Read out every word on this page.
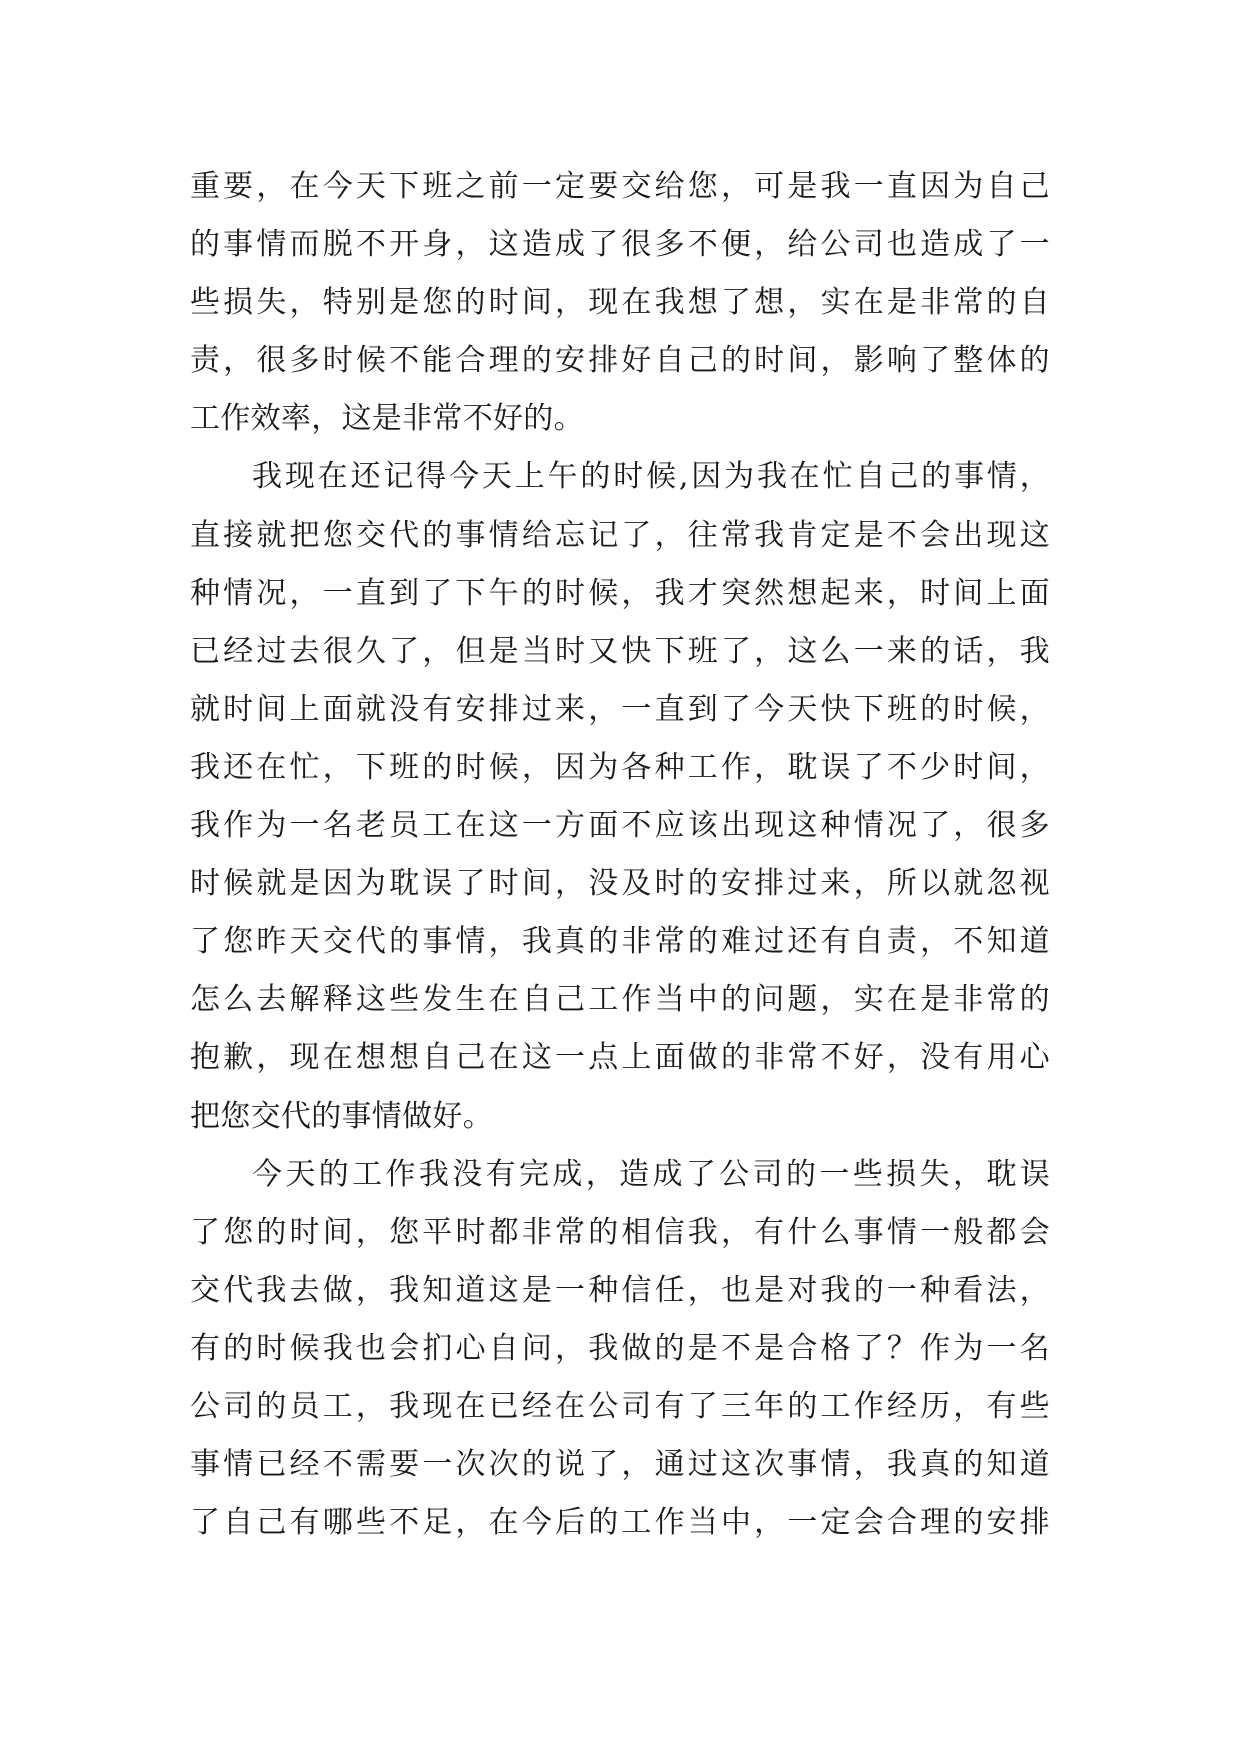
重要，在今天下班之前一定要交给您，可是我一直因为自己
的事情而脱不开身，这造成了很多不便，给公司也造成了一
些损失，特别是您的时间，现在我想了想，实在是非常的自
责，很多时候不能合理的安排好自己的时间，影响了整体的
工作效率，这是非常不好的。
我现在还记得今天上午的时候,因为我在忙自己的事情，
直接就把您交代的事情给忘记了，往常我肯定是不会出现这
种情况，一直到了下午的时候，我才突然想起来，时间上面
已经过去很久了，但是当时又快下班了，这么一来的话，我
就时间上面就没有安排过来，一直到了今天快下班的时候，
我还在忙，下班的时候，因为各种工作，耽误了不少时间，
我作为一名老员工在这一方面不应该出现这种情况了，很多
时候就是因为耽误了时间，没及时的安排过来，所以就忽视
了您昨天交代的事情，我真的非常的难过还有自责，不知道
怎么去解释这些发生在自己工作当中的问题，实在是非常的
抱歉，现在想想自己在这一点上面做的非常不好，没有用心
把您交代的事情做好。
今天的工作我没有完成，造成了公司的一些损失，耽误
了您的时间，您平时都非常的相信我，有什么事情一般都会
交代我去做，我知道这是一种信任，也是对我的一种看法，
有的时候我也会扪心自问，我做的是不是合格了？作为一名
公司的员工，我现在已经在公司有了三年的工作经历，有些
事情已经不需要一次次的说了，通过这次事情，我真的知道
了自己有哪些不足，在今后的工作当中，一定会合理的安排
